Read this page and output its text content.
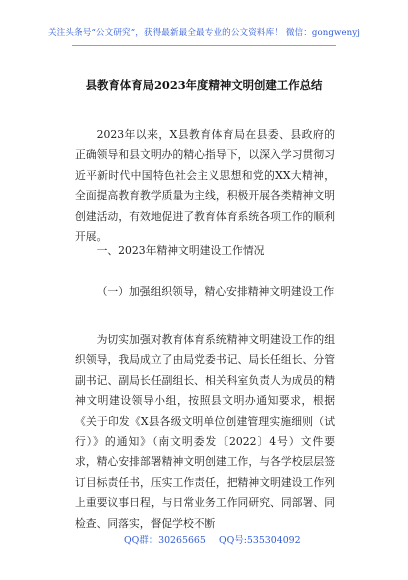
关注头条号“公文研究”，获得最新最全最专业的公文资料库！ 微信：gongwenyj
县教育体育局2023年度精神文明创建工作总结

2023年以来，X县教育体育局在县委、县政府的正确领导和县文明办的精心指导下，以深入学习贯彻习近平新时代中国特色社会主义思想和党的XX大精神，全面提高教育教学质量为主线，积极开展各类精神文明创建活动，有效地促进了教育体育系统各项工作的顺利开展。

一、2023年精神文明建设工作情况

（一）加强组织领导，精心安排精神文明建设工作

为切实加强对教育体育系统精神文明建设工作的组织领导，我局成立了由局党委书记、局长任组长、分管副书记、副局长任副组长、相关科室负责人为成员的精神文明建设领导小组，按照县文明办通知要求，根据《关于印发《X县各级文明单位创建管理实施细则（试行）》的通知》（南文明委发〔2022〕4号）文件要求，精心安排部署精神文明创建工作，与各学校层层签订目标责任书，压实工作责任，把精神文明建设工作列上重要议事日程，与日常业务工作同研究、同部署、同检查、同落实，督促学校不断

QQ群：30265665 QQ号:535304092
